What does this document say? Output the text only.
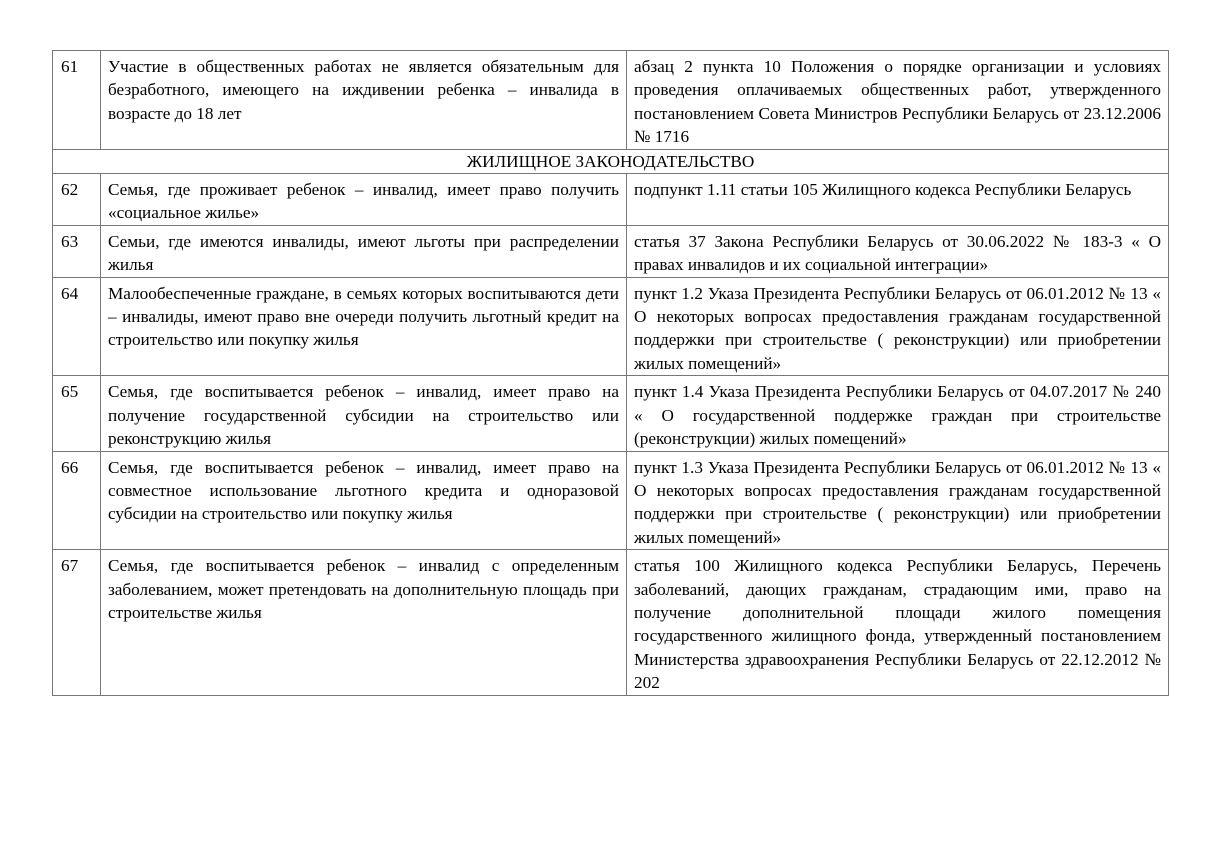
61	Участие в общественных работах не является обязательным для безработного, имеющего на иждивении ребенка – инвалида в возрасте до 18 лет	абзац 2 пункта 10 Положения о порядке организации и условиях проведения оплачиваемых общественных работ, утвержденного постановлением Совета Министров Республики Беларусь от 23.12.2006 № 1716
ЖИЛИЩНОЕ ЗАКОНОДАТЕЛЬСТВО		
62	Семья, где проживает ребенок – инвалид, имеет право получить «социальное жилье»	подпункт 1.11 статьи 105 Жилищного кодекса Республики Беларусь
63	Семьи, где имеются инвалиды, имеют льготы при распределении жилья	статья 37 Закона Республики Беларусь от 30.06.2022 № 183-3 « О правах инвалидов и их социальной интеграции»
64	Малообеспеченные граждане, в семьях которых воспитываются дети – инвалиды, имеют право вне очереди получить льготный кредит на строительство или покупку жилья	пункт 1.2 Указа Президента Республики Беларусь от 06.01.2012 № 13 « О некоторых вопросах предоставления гражданам государственной поддержки при строительстве ( реконструкции) или приобретении жилых помещений»
65	Семья, где воспитывается ребенок – инвалид, имеет право на получение государственной субсидии на строительство или реконструкцию жилья	пункт 1.4 Указа Президента Республики Беларусь от 04.07.2017 № 240 « О государственной поддержке граждан при строительстве (реконструкции) жилых помещений»
66	Семья, где воспитывается ребенок – инвалид, имеет право на совместное использование льготного кредита и одноразовой субсидии на строительство или покупку жилья	пункт 1.3 Указа Президента Республики Беларусь от 06.01.2012 № 13 « О некоторых вопросах предоставления гражданам государственной поддержки при строительстве ( реконструкции) или приобретении жилых помещений»
67	Семья, где воспитывается ребенок – инвалид с определенным заболеванием, может претендовать на дополнительную площадь при строительстве жилья	статья 100 Жилищного кодекса Республики Беларусь, Перечень заболеваний, дающих гражданам, страдающим ими, право на получение дополнительной площади жилого помещения государственного жилищного фонда, утвержденный постановлением Министерства здравоохранения Республики Беларусь от 22.12.2012 № 202
